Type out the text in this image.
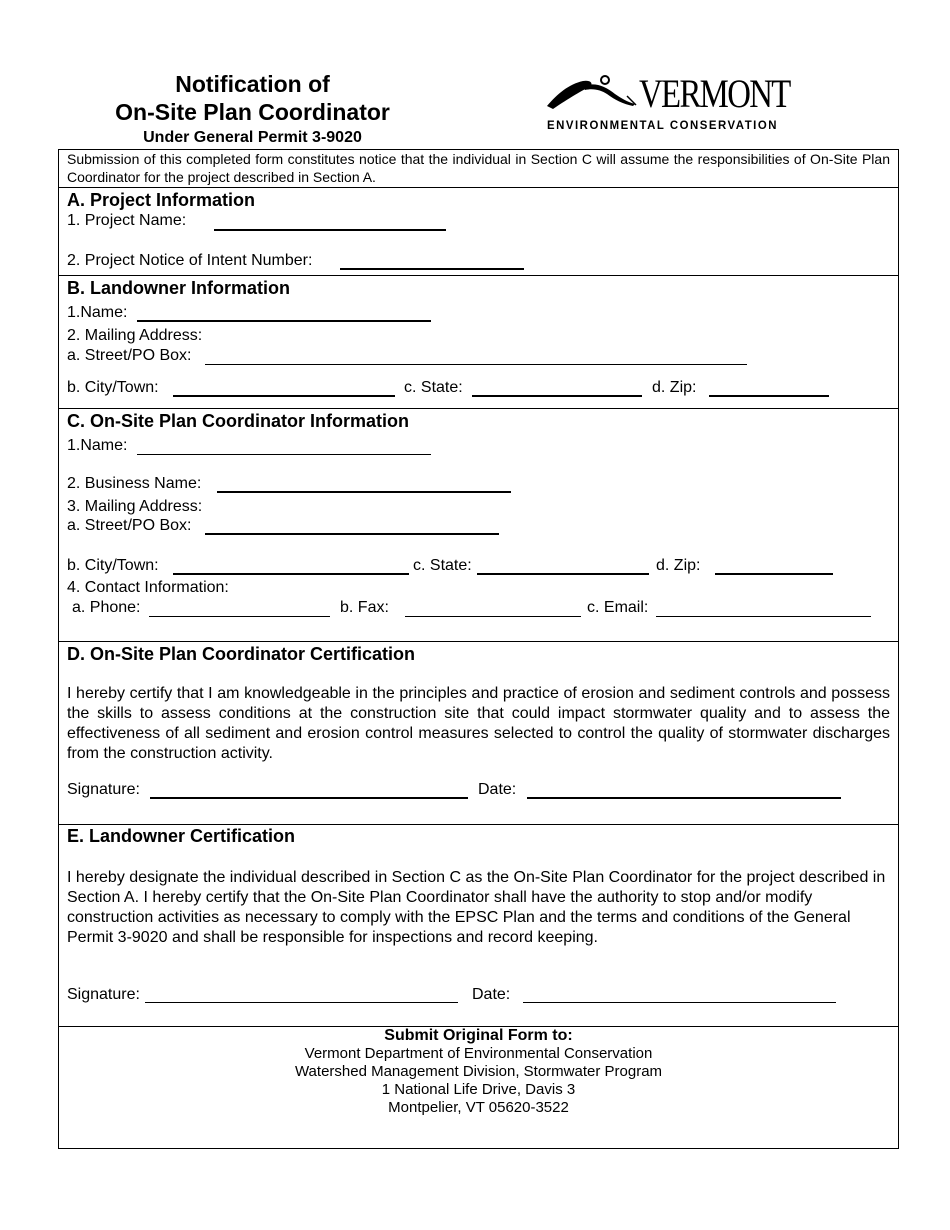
Notification of
On-Site Plan Coordinator
Under General Permit 3-9020
VERMONT
ENVIRONMENTAL CONSERVATION
Submission of this completed form constitutes notice that the individual in Section C will assume the responsibilities of On-Site Plan Coordinator for the project described in Section A.
A. Project Information
1. Project Name:
2. Project Notice of Intent Number:
B. Landowner Information
1.Name:
2. Mailing Address:
a. Street/PO Box:
b. City/Town:	c. State:	d. Zip:
C. On-Site Plan Coordinator Information
1.Name:
2. Business Name:
3. Mailing Address:
a. Street/PO Box:
b. City/Town:	c. State:	d. Zip:
4. Contact Information:
a. Phone:	b. Fax:	c. Email:
D. On-Site Plan Coordinator Certification
I hereby certify that I am knowledgeable in the principles and practice of erosion and sediment controls and possess the skills to assess conditions at the construction site that could impact stormwater quality and to assess the effectiveness of all sediment and erosion control measures selected to control the quality of stormwater discharges from the construction activity.
Signature:	Date:
E. Landowner Certification
I hereby designate the individual described in Section C as the On-Site Plan Coordinator for the project described in Section A. I hereby certify that the On-Site Plan Coordinator shall have the authority to stop and/or modify construction activities as necessary to comply with the EPSC Plan and the terms and conditions of the General Permit 3-9020 and shall be responsible for inspections and record keeping.
Signature:	Date:
Submit Original Form to:
Vermont Department of Environmental Conservation
Watershed Management Division, Stormwater Program
1 National Life Drive, Davis 3
Montpelier, VT 05620-3522
